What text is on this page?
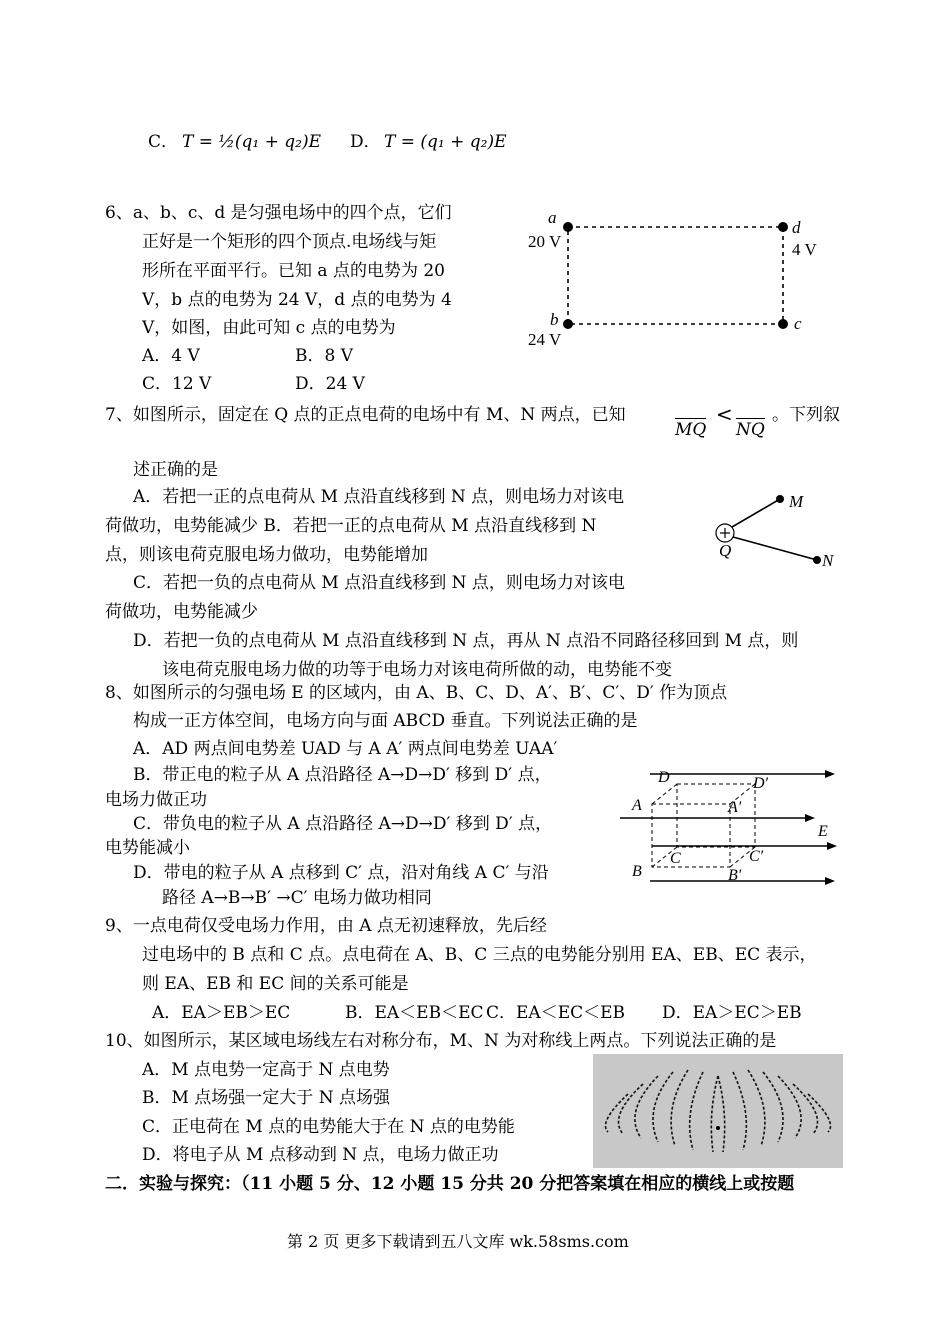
C． T = ½(q₁ + q₂)E D． T = (q₁ + q₂)E
6、a、b、c、d 是匀强电场中的四个点，它们
正好是一个矩形的四个顶点.电场线与矩
形所在平面平行。已知 a 点的电势为 20
V，b 点的电势为 24 V，d 点的电势为 4
V，如图，由此可知 c 点的电势为
A．4 V	B．8 V
C．12 V	D．24 V
a
20 V
d
4 V
b
24 V
c
7、如图所示，固定在 Q 点的正点电荷的电场中有 M、N 两点，已知
MQ
<
NQ
。下列叙
述正确的是
A．若把一正的点电荷从 M 点沿直线移到 N 点，则电场力对该电
荷做功，电势能减少 B．若把一正的点电荷从 M 点沿直线移到 N
点，则该电荷克服电场力做功，电势能增加
C．若把一负的点电荷从 M 点沿直线移到 N 点，则电场力对该电
荷做功，电势能减少
D．若把一负的点电荷从 M 点沿直线移到 N 点，再从 N 点沿不同路径移回到 M 点，则
该电荷克服电场力做的功等于电场力对该电荷所做的动，电势能不变
M
N
Q
8、如图所示的匀强电场 E 的区域内，由 A、B、C、D、A′、B′、C′、D′ 作为顶点
构成一正方体空间，电场方向与面 ABCD 垂直。下列说法正确的是
A．AD 两点间电势差 UAD 与 A A′ 两点间电势差 UAA′
B．带正电的粒子从 A 点沿路径 A→D→D′ 移到 D′ 点，
电场力做正功
C．带负电的粒子从 A 点沿路径 A→D→D′ 移到 D′ 点，
电势能减小
D．带电的粒子从 A 点移到 C′ 点，沿对角线 A C′ 与沿
路径 A→B→B′ →C′ 电场力做功相同
D	D′
A	A′
E
C	C′
B	B′
9、一点电荷仅受电场力作用，由 A 点无初速释放，先后经
过电场中的 B 点和 C 点。点电荷在 A、B、C 三点的电势能分别用 EA、EB、EC 表示，
则 EA、EB 和 EC 间的关系可能是
A．EA＞EB＞EC	B．EA＜EB＜EC C．EA＜EC＜EB D．EA＞EC＞EB
10、如图所示，某区域电场线左右对称分布，M、N 为对称线上两点。下列说法正确的是
A．M 点电势一定高于 N 点电势
B．M 点场强一定大于 N 点场强
C．正电荷在 M 点的电势能大于在 N 点的电势能
D．将电子从 M 点移动到 N 点，电场力做正功
二．实验与探究：（11 小题 5 分、12 小题 15 分共 20 分把答案填在相应的横线上或按题
第 2 页 更多下载请到五八文库 wk.58sms.com
